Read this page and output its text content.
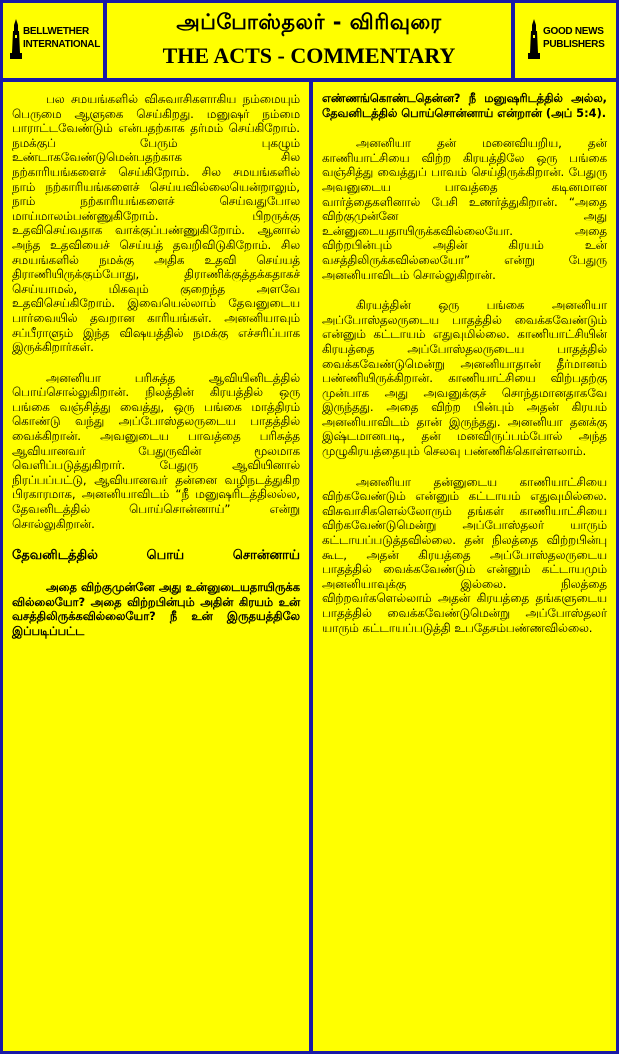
BELLWETHER
INTERNATIONAL
அப்போஸ்தலர் - விரிவுரை
THE ACTS - COMMENTARY
GOOD NEWS
PUBLISHERS

பல சமயங்களில் விசுவாசிகளாகிய நம்மையும் பெருமை ஆளுகை செய்கிறது. மனுஷர் நம்மை பாராட்டவேண்டும் என்பதற்காக தர்மம் செய்கிறோம். நமக்குப் பேரும் புகழும் உண்டாகவேண்டுமென்பதற்காக சில நற்காரியங்களைச் செய்கிறோம். சில சமயங்களில் நாம் நற்காரியங்களைச் செய்யவில்லையென்றாலும், நாம் நற்காரியங்களைச் செய்வதுபோல மாய்மாலம்பண்ணுகிறோம். பிறருக்கு உதவிசெய்வதாக வாக்குப்பண்ணுகிறோம். ஆனால் அந்த உதவியைச் செய்யத் தவறிவிடுகிறோம். சில சமயங்களில் நமக்கு அதிக உதவி செய்யத் திராணியிருக்கும்போது, திராணிக்குத்தக்கதாகச் செய்யாமல், மிகவும் குறைந்த அளவே உதவிசெய்கிறோம். இவையெல்லாம் தேவனுடைய பார்வையில் தவறான காரியங்கள். அனனியாவும் சப்பீராளும் இந்த விஷயத்தில் நமக்கு எச்சரிப்பாக இருக்கிறார்கள்.

அனனியா பரிசுத்த ஆவியினிடத்தில் பொய்சொல்லுகிறான். நிலத்தின் கிரயத்தில் ஒரு பங்கை வஞ்சித்து வைத்து, ஒரு பங்கை மாத்திரம் கொண்டு வந்து அப்போஸ்தலருடைய பாதத்தில் வைக்கிறான். அவனுடைய பாவத்தை பரிசுத்த ஆவியானவர் பேதுருவின் மூலமாக வெளிப்படுத்துகிறார். பேதுரு ஆவியினால் நிரப்பப்பட்டு, ஆவியானவர் தன்னை வழிநடத்துகிற பிரகாரமாக, அனனியாவிடம் “நீ மனுஷரிடத்திலல்ல, தேவனிடத்தில் பொய்சொன்னாய்” என்று சொல்லுகிறான்.

தேவனிடத்தில் பொய் சொன்னாய்

அதை விற்குமுன்னே அது உன்னுடையதாயிருக்க வில்லையோ? அதை விற்றபின்பும் அதின் கிரயம் உன் வசத்திலிருக்கவில்லையோ? நீ உன் இருதயத்திலே இப்படிப்பட்ட

எண்ணங்கொண்டதென்ன? நீ மனுஷரிடத்தில் அல்ல, தேவனிடத்தில் பொய்சொன்னாய் என்றான் (அப் 5:4).

அனனியா தன் மனைவியறிய, தன் காணியாட்சியை விற்ற கிரயத்திலே ஒரு பங்கை வஞ்சித்து வைத்துப் பாவம் செய்திருக்கிறான். பேதுரு அவனுடைய பாவத்தை கடினமான வார்த்தைகளினால் பேசி உணர்த்துகிறான். “அதை விற்குமுன்னே அது உன்னுடையதாயிருக்கவில்லையோ. அதை விற்றபின்பும் அதின் கிரயம் உன் வசத்திலிருக்கவில்லையோ” என்று பேதுரு அனனியாவிடம் சொல்லுகிறான்.

கிரயத்தின் ஒரு பங்கை அனனியா அப்போஸ்தலருடைய பாதத்தில் வைக்கவேண்டும் என்னும் கட்டாயம் எதுவுமில்லை. காணியாட்சியின் கிரயத்தை அப்போஸ்தலருடைய பாதத்தில் வைக்கவேண்டுமென்று அனனியாதான் தீர்மானம் பண்ணியிருக்கிறான். காணியாட்சியை விற்பதற்கு முன்பாக அது அவனுக்குச் சொந்தமானதாகவே இருந்தது. அதை விற்ற பின்பும் அதன் கிரயம் அனனியாவிடம் தான் இருந்தது. அனனியா தனக்கு இஷ்டமானபடி, தன் மனவிருப்பம்போல் அந்த முழுகிரயத்தையும் செலவு பண்ணிக்கொள்ளலாம்.

அனனியா தன்னுடைய காணியாட்சியை விற்கவேண்டும் என்னும் கட்டாயம் எதுவுமில்லை. விசுவாசிகளெல்லோரும் தங்கள் காணியாட்சியை விற்கவேண்டுமென்று அப்போஸ்தலர் யாரும் கட்டாயப்படுத்தவில்லை. தன் நிலத்தை விற்றபின்பு கூட, அதன் கிரயத்தை அப்போஸ்தலருடைய பாதத்தில் வைக்கவேண்டும் என்னும் கட்டாயமும் அனனியாவுக்கு இல்லை. நிலத்தை விற்றவர்களெல்லாம் அதன் கிரயத்தை தங்களுடைய பாதத்தில் வைக்கவேண்டுமென்று அப்போஸ்தலர் யாரும் கட்டாயப்படுத்தி உபதேசம்பண்ணவில்லை.
